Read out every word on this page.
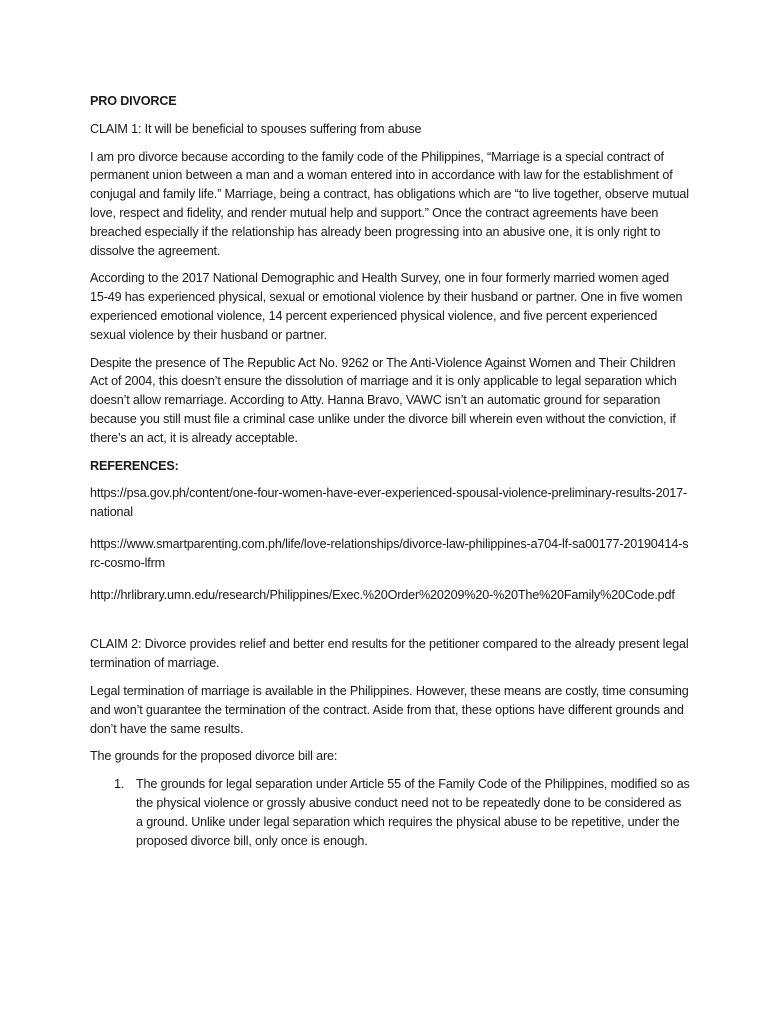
PRO DIVORCE
CLAIM 1: It will be beneficial to spouses suffering from abuse
I am pro divorce because according to the family code of the Philippines, “Marriage is a special contract of permanent union between a man and a woman entered into in accordance with law for the establishment of conjugal and family life.” Marriage, being a contract, has obligations which are “to live together, observe mutual love, respect and fidelity, and render mutual help and support.” Once the contract agreements have been breached especially if the relationship has already been progressing into an abusive one, it is only right to dissolve the agreement.
According to the 2017 National Demographic and Health Survey, one in four formerly married women aged 15-49 has experienced physical, sexual or emotional violence by their husband or partner. One in five women experienced emotional violence, 14 percent experienced physical violence, and five percent experienced sexual violence by their husband or partner.
Despite the presence of The Republic Act No. 9262 or The Anti-Violence Against Women and Their Children Act of 2004, this doesn’t ensure the dissolution of marriage and it is only applicable to legal separation which doesn’t allow remarriage. According to Atty. Hanna Bravo, VAWC isn’t an automatic ground for separation because you still must file a criminal case unlike under the divorce bill wherein even without the conviction, if there’s an act, it is already acceptable.
REFERENCES:
https://psa.gov.ph/content/one-four-women-have-ever-experienced-spousal-violence-preliminary-results-2017-national
https://www.smartparenting.com.ph/life/love-relationships/divorce-law-philippines-a704-lf-sa00177-20190414-src-cosmo-lfrm
http://hrlibrary.umn.edu/research/Philippines/Exec.%20Order%20209%20-%20The%20Family%20Code.pdf
CLAIM 2: Divorce provides relief and better end results for the petitioner compared to the already present legal termination of marriage.
Legal termination of marriage is available in the Philippines. However, these means are costly, time consuming and won’t guarantee the termination of the contract. Aside from that, these options have different grounds and don’t have the same results.
The grounds for the proposed divorce bill are:
1. The grounds for legal separation under Article 55 of the Family Code of the Philippines, modified so as the physical violence or grossly abusive conduct need not to be repeatedly done to be considered as a ground. Unlike under legal separation which requires the physical abuse to be repetitive, under the proposed divorce bill, only once is enough.
